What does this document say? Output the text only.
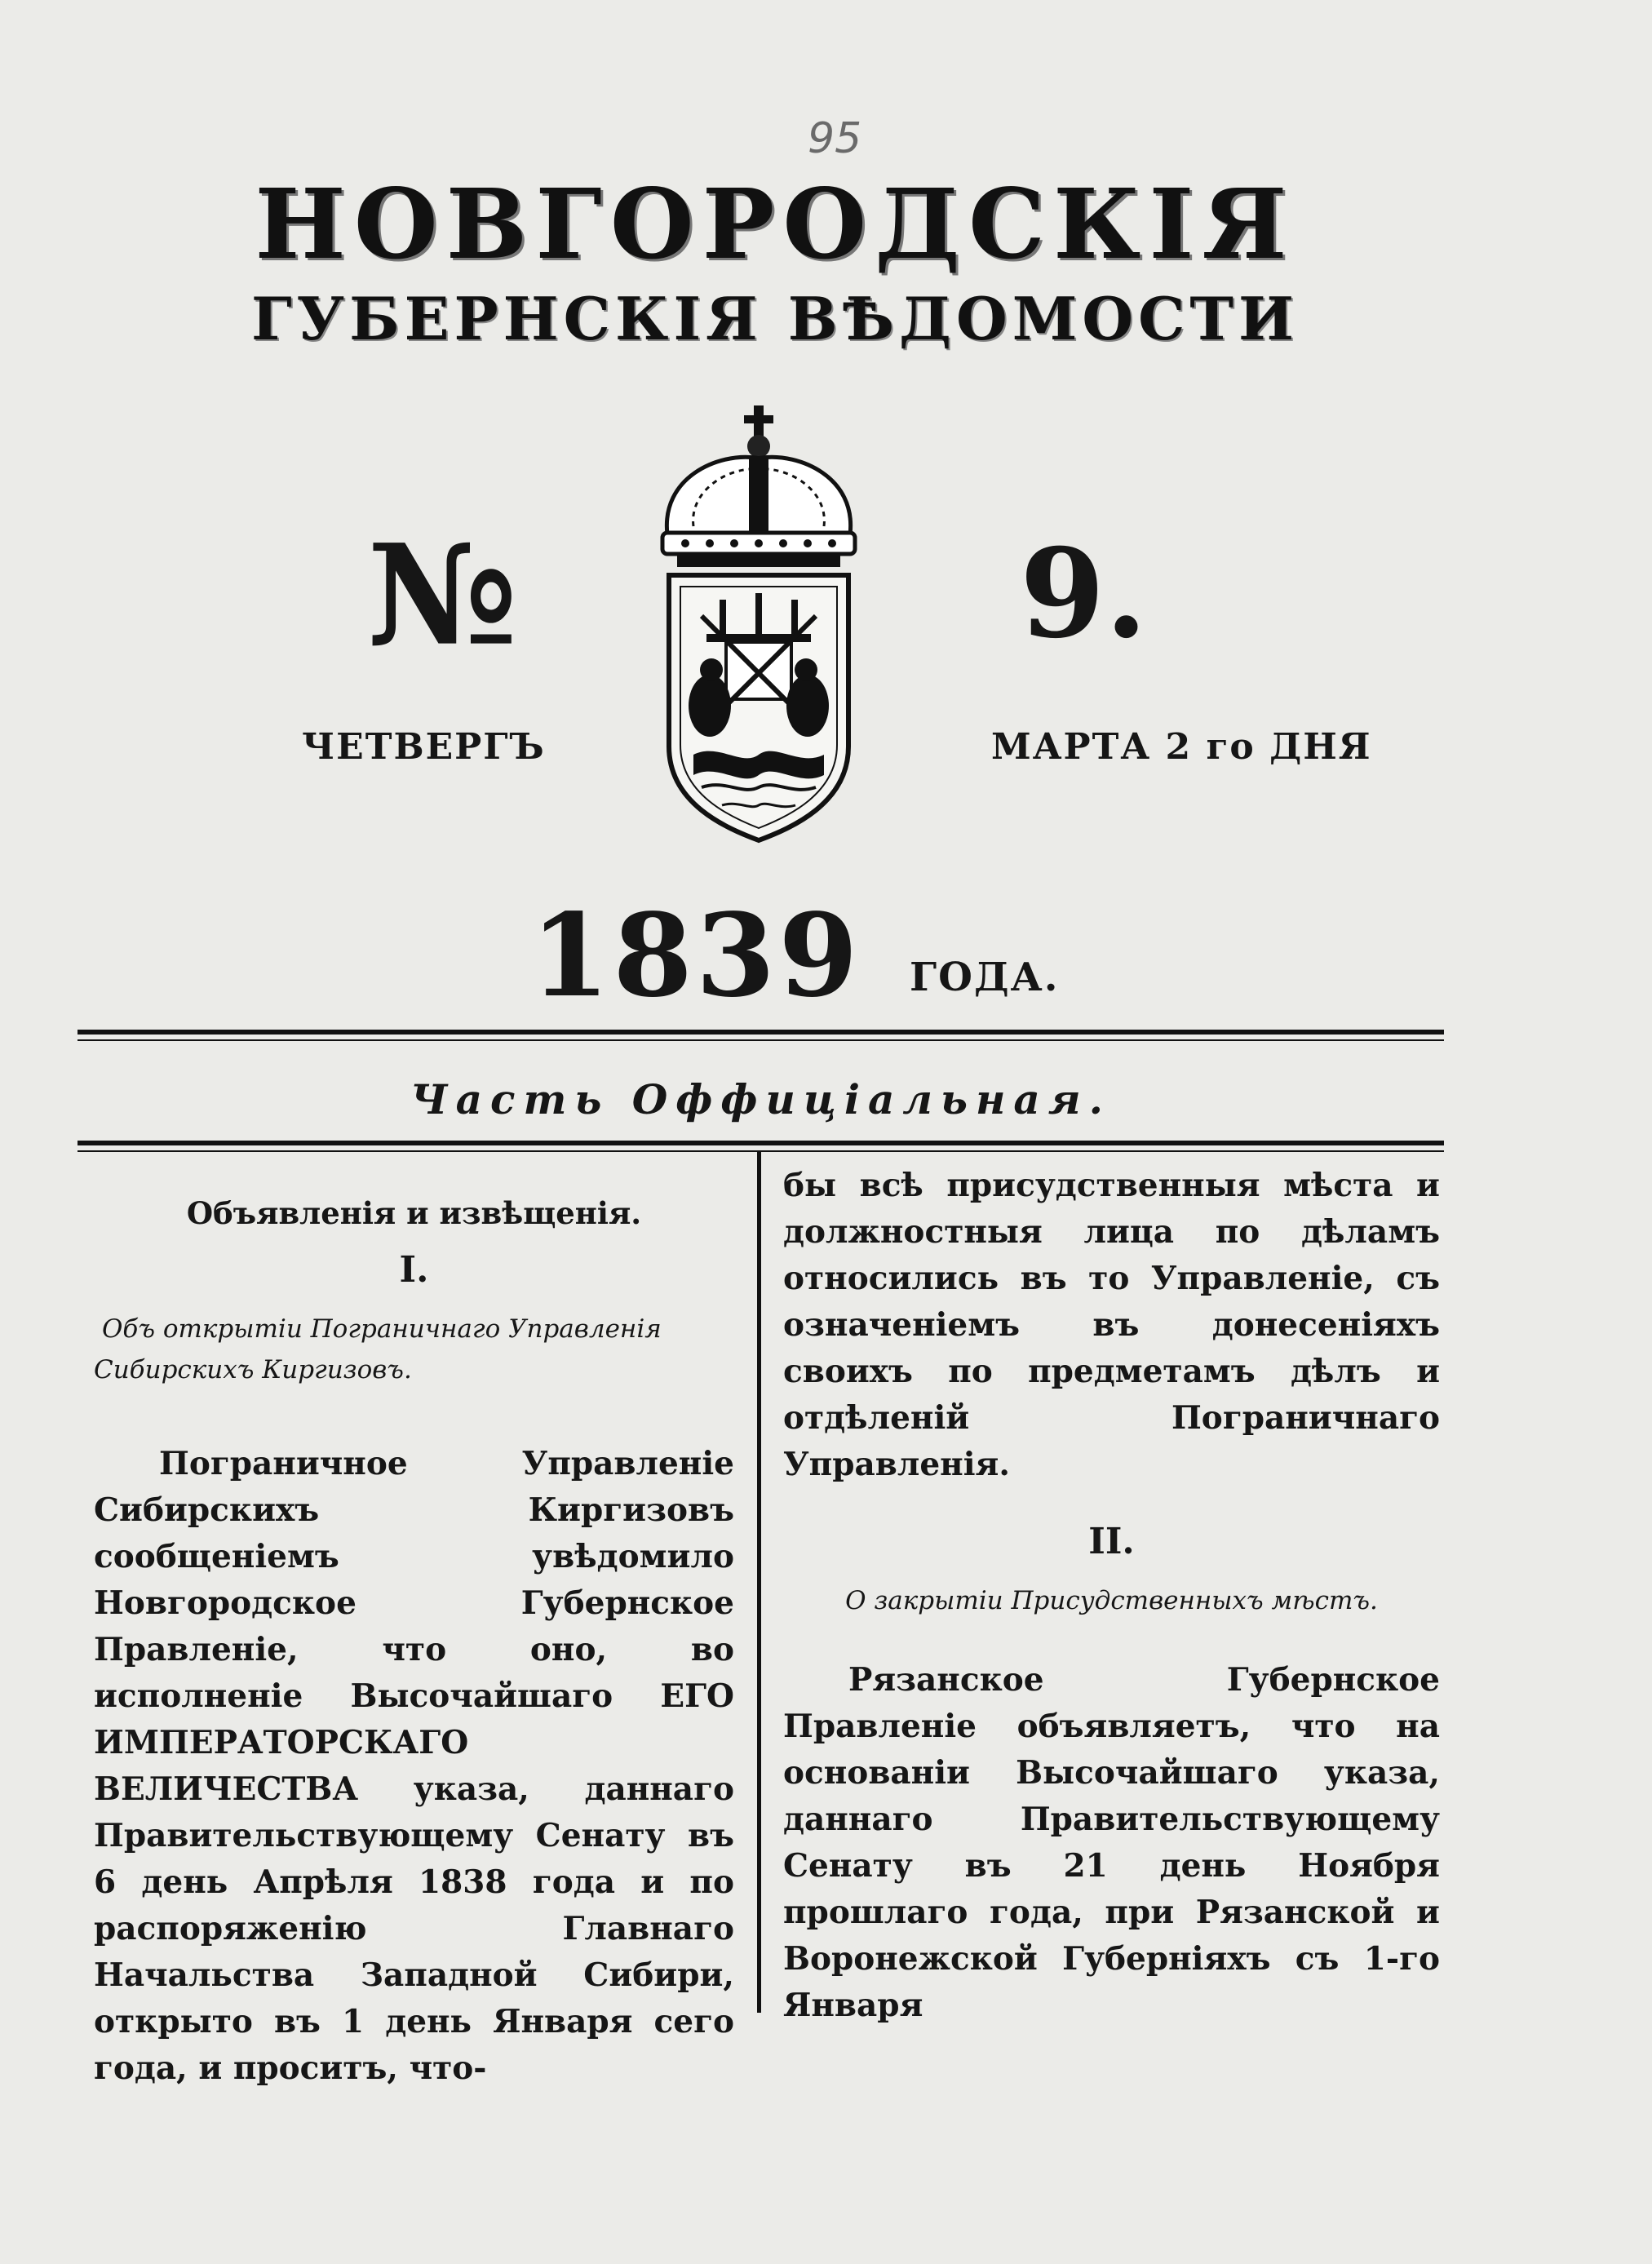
95
НОВГОРОДСКІЯ
ГУБЕРНСКІЯ ВѢДОМОСТИ
№	9.
ЧЕТВЕРГЪ	МАРТА 2 го ДНЯ
1839 ГОДА.
Часть Оффиціальная.
Объявленія и извѣщенія.
I.

Объ открытіи Пограничнаго Управленія Сибирскихъ Киргизовъ.

Пограничное Управленіе Сибирскихъ Киргизовъ сообщеніемъ увѣдомило Новгородское Губернское Правленіе, что оно, во исполненіе Высочайшаго ЕГО ИМПЕРАТОРСКАГО ВЕЛИЧЕСТВА указа, даннаго Правительствующему Сенату въ 6 день Апрѣля 1838 года и по распоряженію Главнаго Начальства Западной Сибири, открыто въ 1 день Января сего года, и проситъ, что-

бы всѣ присудственныя мѣста и должностныя лица по дѣламъ относились въ то Управленіе, съ означеніемъ въ донесеніяхъ своихъ по предметамъ дѣлъ и отдѣленій Пограничнаго Управленія.

II.

О закрытіи Присудственныхъ мѣстъ.

Рязанское Губернское Правленіе объявляетъ, что на основаніи Высочайшаго указа, даннаго Правительствующему Сенату въ 21 день Ноября прошлаго года, при Рязанской и Воронежской Губерніяхъ съ 1-го Января
